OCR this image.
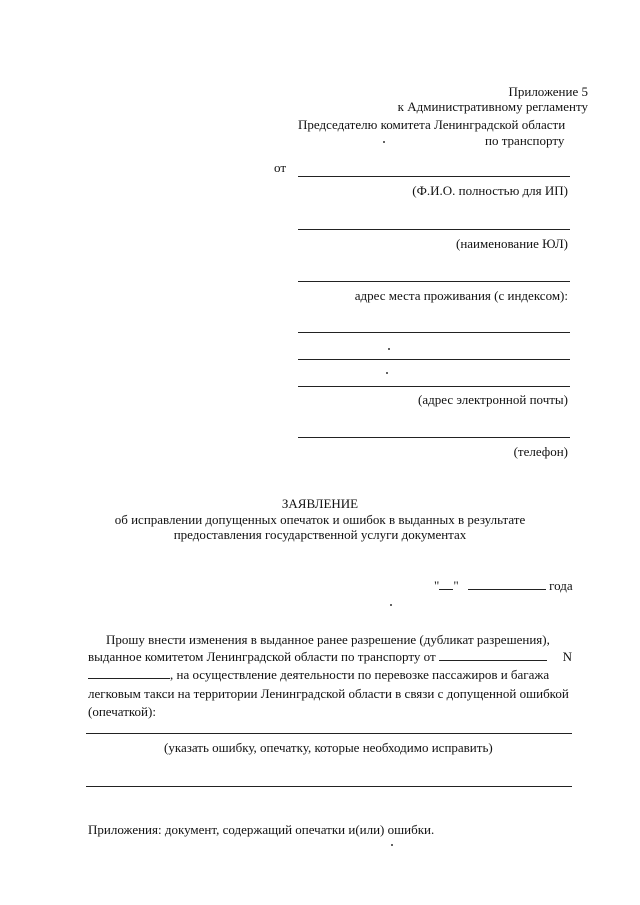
Приложение 5
к Административному регламенту
Председателю комитета Ленинградской области
по транспорту
от
(Ф.И.О. полностью для ИП)
(наименование ЮЛ)
адрес места проживания (с индексом):
(адрес электронной почты)
(телефон)
ЗАЯВЛЕНИЕ
об исправлении допущенных опечаток и ошибок в выданных в результате
предоставления государственной услуги документах
" "	года
Прошу внести изменения в выданное ранее разрешение (дубликат разрешения),
выданное комитетом Ленинградской области по транспорту от	N
, на осуществление деятельности по перевозке пассажиров и багажа
легковым такси на территории Ленинградской области в связи с допущенной ошибкой
(опечаткой):
(указать ошибку, опечатку, которые необходимо исправить)
Приложения: документ, содержащий опечатки и(или) ошибки.
